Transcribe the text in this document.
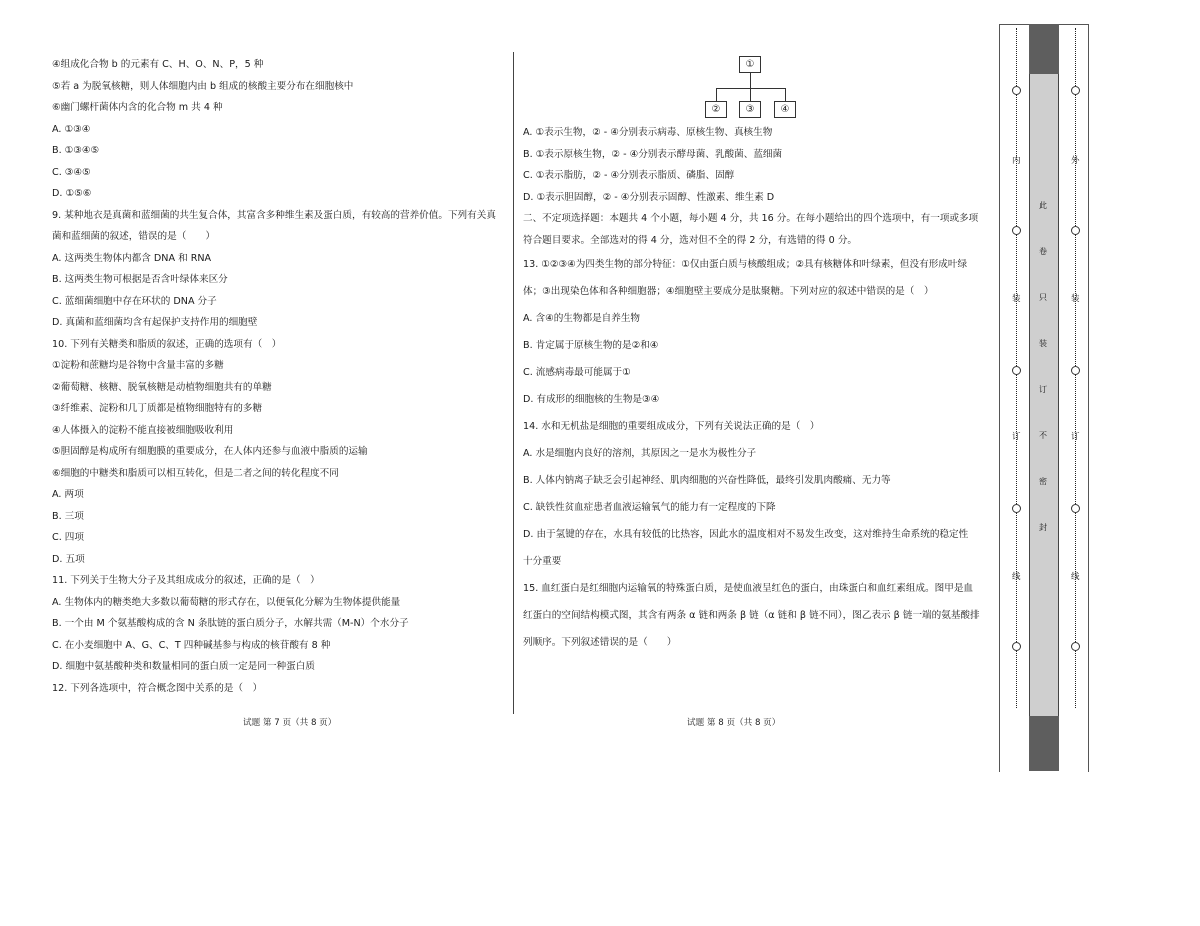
④组成化合物 b 的元素有 C、H、O、N、P，5 种
⑤若 a 为脱氧核糖，则人体细胞内由 b 组成的核酸主要分布在细胞核中
⑥幽门螺杆菌体内含的化合物 m 共 4 种
A. ①③④
B. ①③④⑤
C. ③④⑤
D. ①⑤⑥
9. 某种地衣是真菌和蓝细菌的共生复合体，其富含多种维生素及蛋白质，有较高的营养价值。下列有关真
菌和蓝细菌的叙述，错误的是（　　）
A. 这两类生物体内都含 DNA 和 RNA
B. 这两类生物可根据是否含叶绿体来区分
C. 蓝细菌细胞中存在环状的 DNA 分子
D. 真菌和蓝细菌均含有起保护支持作用的细胞壁
10. 下列有关糖类和脂质的叙述，正确的选项有（　）
①淀粉和蔗糖均是谷物中含量丰富的多糖
②葡萄糖、核糖、脱氧核糖是动植物细胞共有的单糖
③纤维素、淀粉和几丁质都是植物细胞特有的多糖
④人体摄入的淀粉不能直接被细胞吸收利用
⑤胆固醇是构成所有细胞膜的重要成分，在人体内还参与血液中脂质的运输
⑥细胞的中糖类和脂质可以相互转化，但是二者之间的转化程度不同
A. 两项
B. 三项
C. 四项
D. 五项
11. 下列关于生物大分子及其组成成分的叙述，正确的是（　）
A. 生物体内的糖类绝大多数以葡萄糖的形式存在，以便氧化分解为生物体提供能量
B. 一个由 M 个氨基酸构成的含 N 条肽链的蛋白质分子，水解共需（M-N）个水分子
C. 在小麦细胞中 A、G、C、T 四种碱基参与构成的核苷酸有 8 种
D. 细胞中氨基酸种类和数量相同的蛋白质一定是同一种蛋白质
12. 下列各选项中，符合概念图中关系的是（　）
①
②	③	④
A. ①表示生物，② - ④分别表示病毒、原核生物、真核生物
B. ①表示原核生物，② - ④分别表示酵母菌、乳酸菌、蓝细菌
C. ①表示脂肪，② - ④分别表示脂质、磷脂、固醇
D. ①表示胆固醇，② - ④分别表示固醇、性激素、维生素 D
二、不定项选择题：本题共 4 个小题，每小题 4 分，共 16 分。在每小题给出的四个选项中，有一项或多项
符合题目要求。全部选对的得 4 分，选对但不全的得 2 分，有选错的得 0 分。
13. ①②③④为四类生物的部分特征：①仅由蛋白质与核酸组成；②具有核糖体和叶绿素，但没有形成叶绿
体；③出现染色体和各种细胞器；④细胞壁主要成分是肽聚糖。下列对应的叙述中错误的是（　）
A. 含④的生物都是自养生物
B. 肯定属于原核生物的是②和④
C. 流感病毒最可能属于①
D. 有成形的细胞核的生物是③④
14. 水和无机盐是细胞的重要组成成分，下列有关说法正确的是（　）
A. 水是细胞内良好的溶剂，其原因之一是水为极性分子
B. 人体内钠离子缺乏会引起神经、肌肉细胞的兴奋性降低，最终引发肌肉酸痛、无力等
C. 缺铁性贫血症患者血液运输氧气的能力有一定程度的下降
D. 由于氢键的存在，水具有较低的比热容，因此水的温度相对不易发生改变，这对维持生命系统的稳定性
十分重要
15. 血红蛋白是红细胞内运输氧的特殊蛋白质，是使血液呈红色的蛋白，由珠蛋白和血红素组成。图甲是血
红蛋白的空间结构模式图，其含有两条 α 链和两条 β 链（α 链和 β 链不同），图乙表示 β 链一端的氨基酸排
列顺序。下列叙述错误的是（　　）
试题 第 7 页（共 8 页）	试题 第 8 页（共 8 页）
内	外
装	装
订	订
线	线
此
卷
只
装
订
不
密
封
